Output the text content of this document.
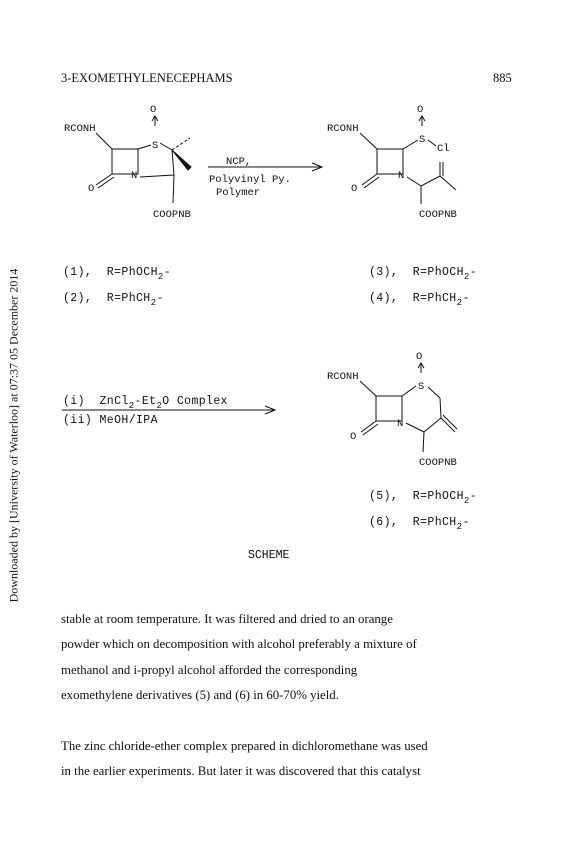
3-EXOMETHYLENECEPHAMS	885
Downloaded by [University of Waterloo] at 07:37 05 December 2014
RCONH
O
S
N
O
COOPNB
NCP,
Polyvinyl Py.
Polymer
RCONH
O
S
Cl
N
O
COOPNB
RCONH
O
S
N
O
COOPNB
(i)  $ZnCl_2-Et_2O$ Complex
(ii) MeOH/IPA
(1),  R=PhOCH$_2$-
(2),  R=PhCH$_2$-
(3),  R=PhOCH$_2$-
(4),  R=PhCH$_2$-
(5),  R=PhOCH$_2$-
(6),  R=PhCH$_2$-
SCHEME
stable at room temperature. It was filtered and dried to an orange
powder which on decomposition with alcohol preferably a mixture of
methanol and i-propyl alcohol afforded the corresponding
exomethylene derivatives (5) and (6) in 60-70% yield.
The zinc chloride-ether complex prepared in dichloromethane was used
in the earlier experiments. But later it was discovered that this catalyst
